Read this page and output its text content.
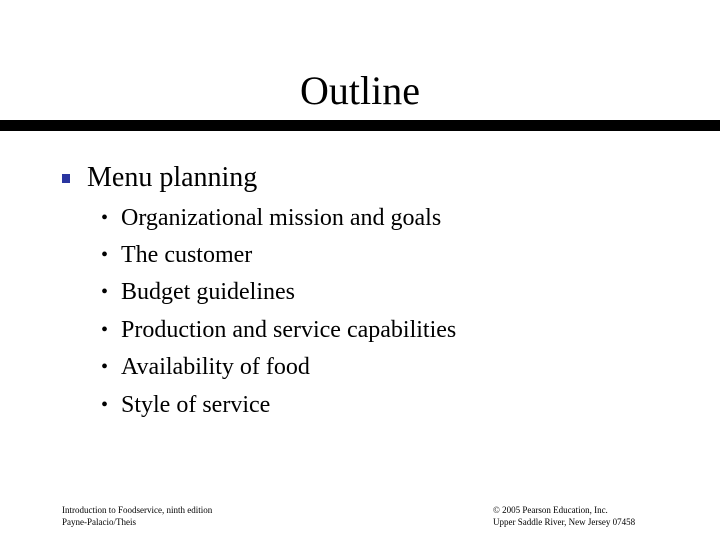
Outline
Menu planning
• Organizational mission and goals
• The customer
• Budget guidelines
• Production and service capabilities
• Availability of food
• Style of service
Introduction to Foodservice, ninth edition
Payne-Palacio/Theis
© 2005 Pearson Education, Inc.
Upper Saddle River, New Jersey 07458
